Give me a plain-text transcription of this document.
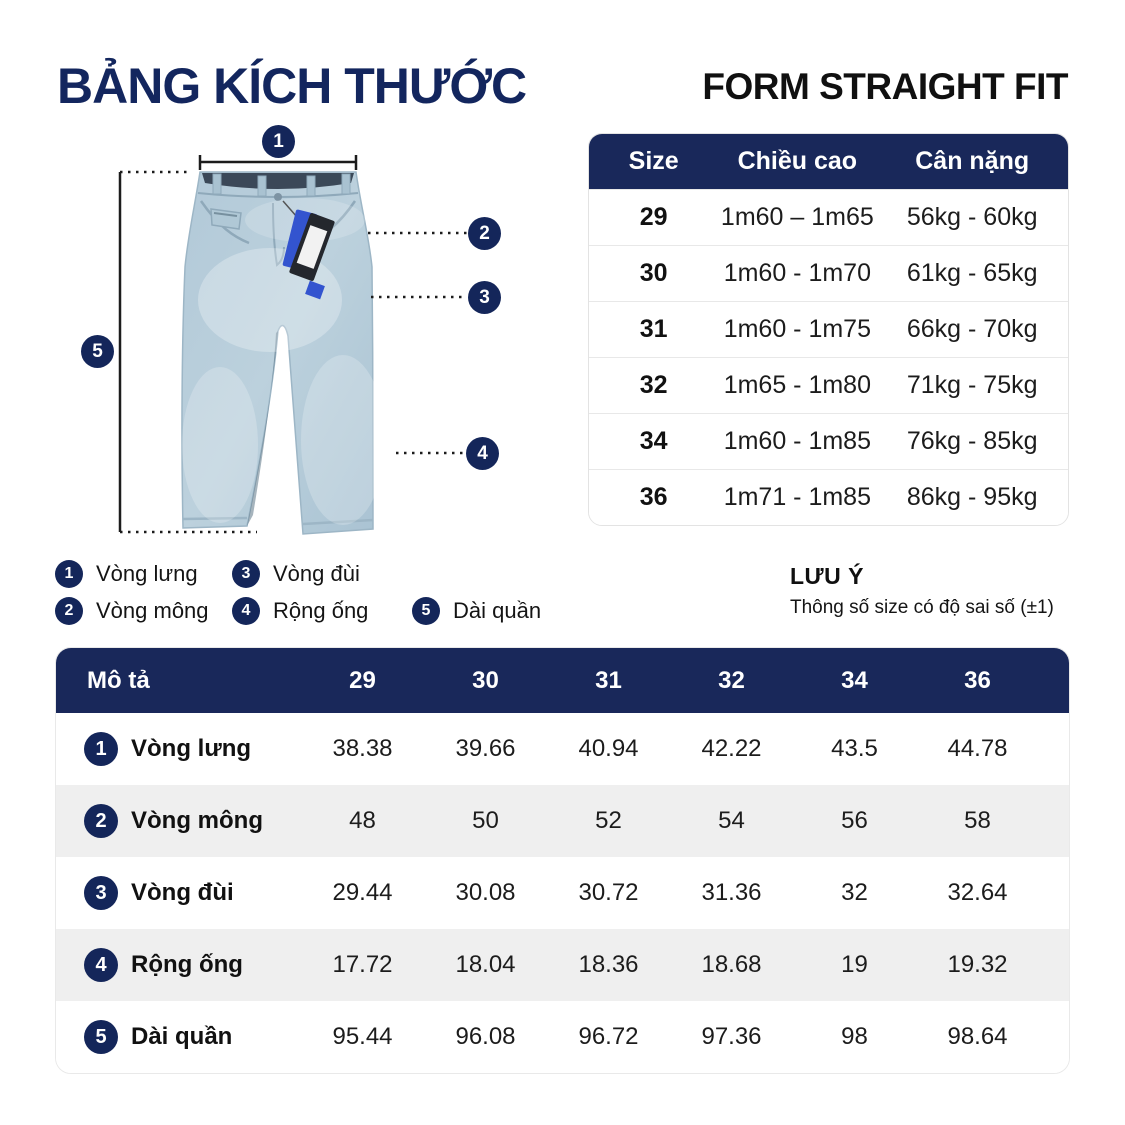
BẢNG KÍCH THƯỚC	FORM STRAIGHT FIT
1
2
3
4
5
Size	Chiều cao	Cân nặng
29	1m60 – 1m65	56kg - 60kg
30	1m60 - 1m70	61kg - 65kg
31	1m60 - 1m75	66kg - 70kg
32	1m65 - 1m80	71kg - 75kg
34	1m60 - 1m85	76kg - 85kg
36	1m71 - 1m85	86kg - 95kg
1	Vòng lưng
2	Vòng mông
3	Vòng đùi
4	Rộng ống	5	Dài quần
LƯU Ý
Thông số size có độ sai số (±1)
Mô tả	29	30	31	32	34	36
1	Vòng lưng	38.38	39.66	40.94	42.22	43.5	44.78
2	Vòng mông	48	50	52	54	56	58
3	Vòng đùi	29.44	30.08	30.72	31.36	32	32.64
4	Rộng ống	17.72	18.04	18.36	18.68	19	19.32
5	Dài quần	95.44	96.08	96.72	97.36	98	98.64
